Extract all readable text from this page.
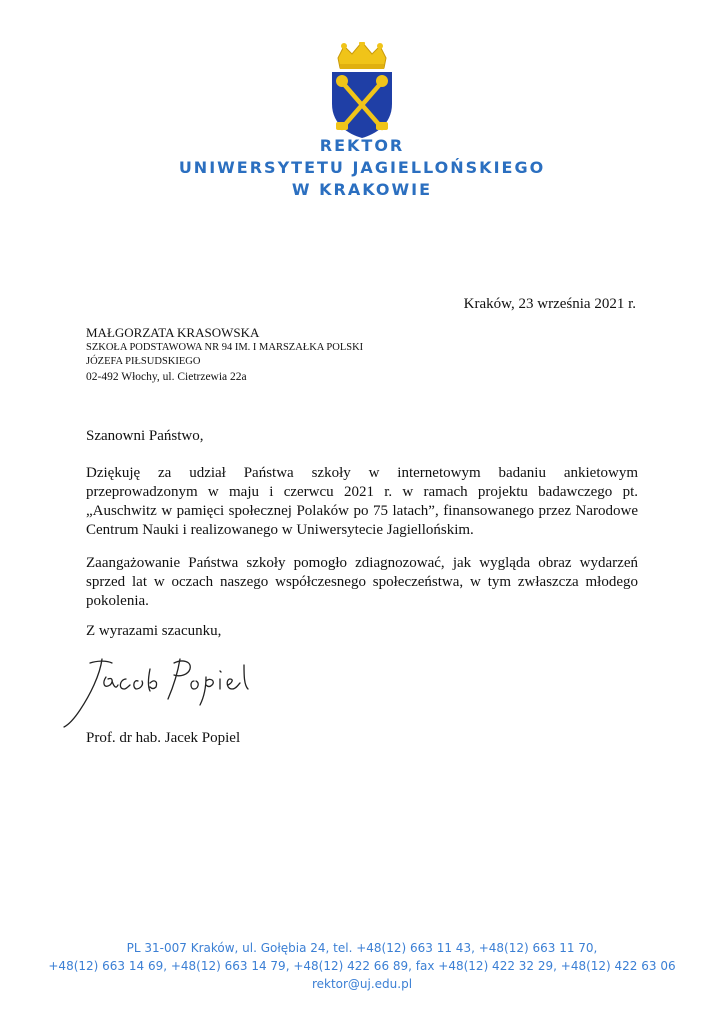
REKTOR
UNIWERSYTETU JAGIELLOŃSKIEGO
W KRAKOWIE
Kraków, 23 września 2021 r.
MAŁGORZATA KRASOWSKA
SZKOŁA PODSTAWOWA NR 94 IM. I MARSZAŁKA POLSKI
JÓZEFA PIŁSUDSKIEGO
02-492 Włochy, ul. Cietrzewia 22a
Szanowni Państwo,
Dziękuję za udział Państwa szkoły w internetowym badaniu ankietowym przeprowadzonym w maju i czerwcu 2021 r. w ramach projektu badawczego pt. „Auschwitz w pamięci społecznej Polaków po 75 latach”, finansowanego przez Narodowe Centrum Nauki i realizowanego w Uniwersytecie Jagiellońskim.
Zaangażowanie Państwa szkoły pomogło zdiagnozować, jak wygląda obraz wydarzeń sprzed lat w oczach naszego współczesnego społeczeństwa, w tym zwłaszcza młodego pokolenia.
Z wyrazami szacunku,
Prof. dr hab. Jacek Popiel
PL 31-007 Kraków, ul. Gołębia 24, tel. +48(12) 663 11 43, +48(12) 663 11 70,
+48(12) 663 14 69, +48(12) 663 14 79, +48(12) 422 66 89, fax +48(12) 422 32 29, +48(12) 422 63 06
rektor@uj.edu.pl
